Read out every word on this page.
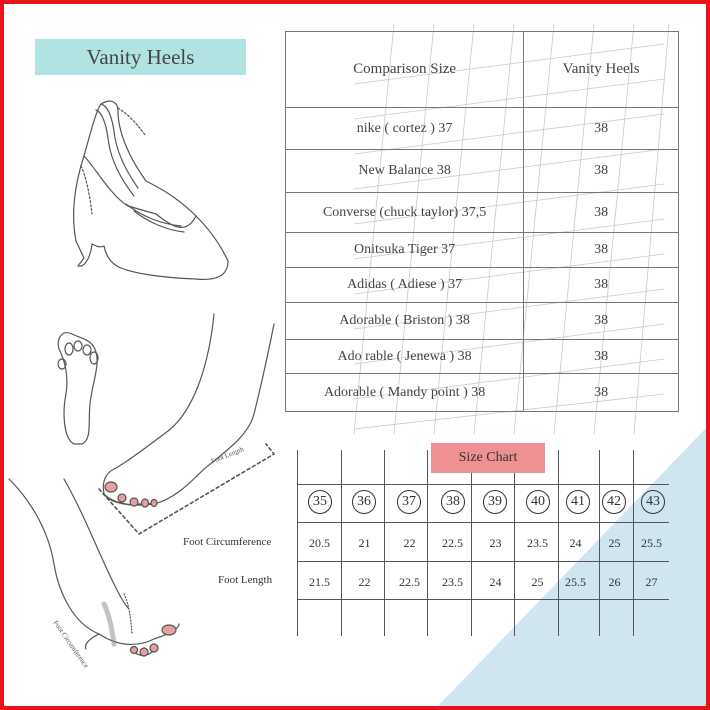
Vanity Heels
Foot Length
Foot Circumference
Comparison Size	Vanity Heels
nike ( cortez ) 37	38
New Balance 38	38
Converse (chuck taylor) 37,5	38
Onitsuka Tiger 37	38
Adidas ( Adiese ) 37	38
Adorable ( Briston ) 38	38
Ado rable ( Jenewa ) 38	38
Adorable ( Mandy point ) 38	38
Size Chart
35	36	37	38	39	40	41	42	43
Foot Circumference
Foot Length
20.5	21	22	22.5	23	23.5	24	25	25.5
21.5	22	22.5	23.5	24	25	25.5	26	27
